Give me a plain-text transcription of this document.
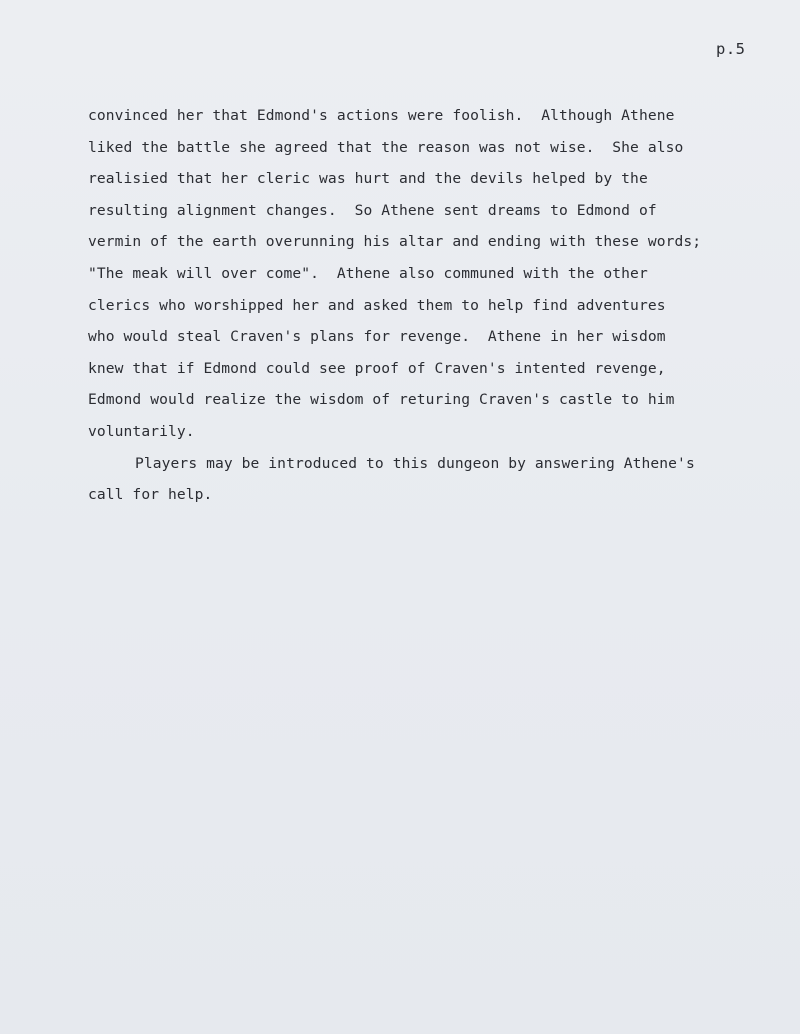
p.5
convinced her that Edmond's actions were foolish.  Although Athene
liked the battle she agreed that the reason was not wise.  She also
realisied that her cleric was hurt and the devils helped by the
resulting alignment changes.  So Athene sent dreams to Edmond of
vermin of the earth overunning his altar and ending with these words;
"The meak will over come".  Athene also communed with the other
clerics who worshipped her and asked them to help find adventures
who would steal Craven's plans for revenge.  Athene in her wisdom
knew that if Edmond could see proof of Craven's intented revenge,
Edmond would realize the wisdom of returing Craven's castle to him
voluntarily.
Players may be introduced to this dungeon by answering Athene's
call for help.
